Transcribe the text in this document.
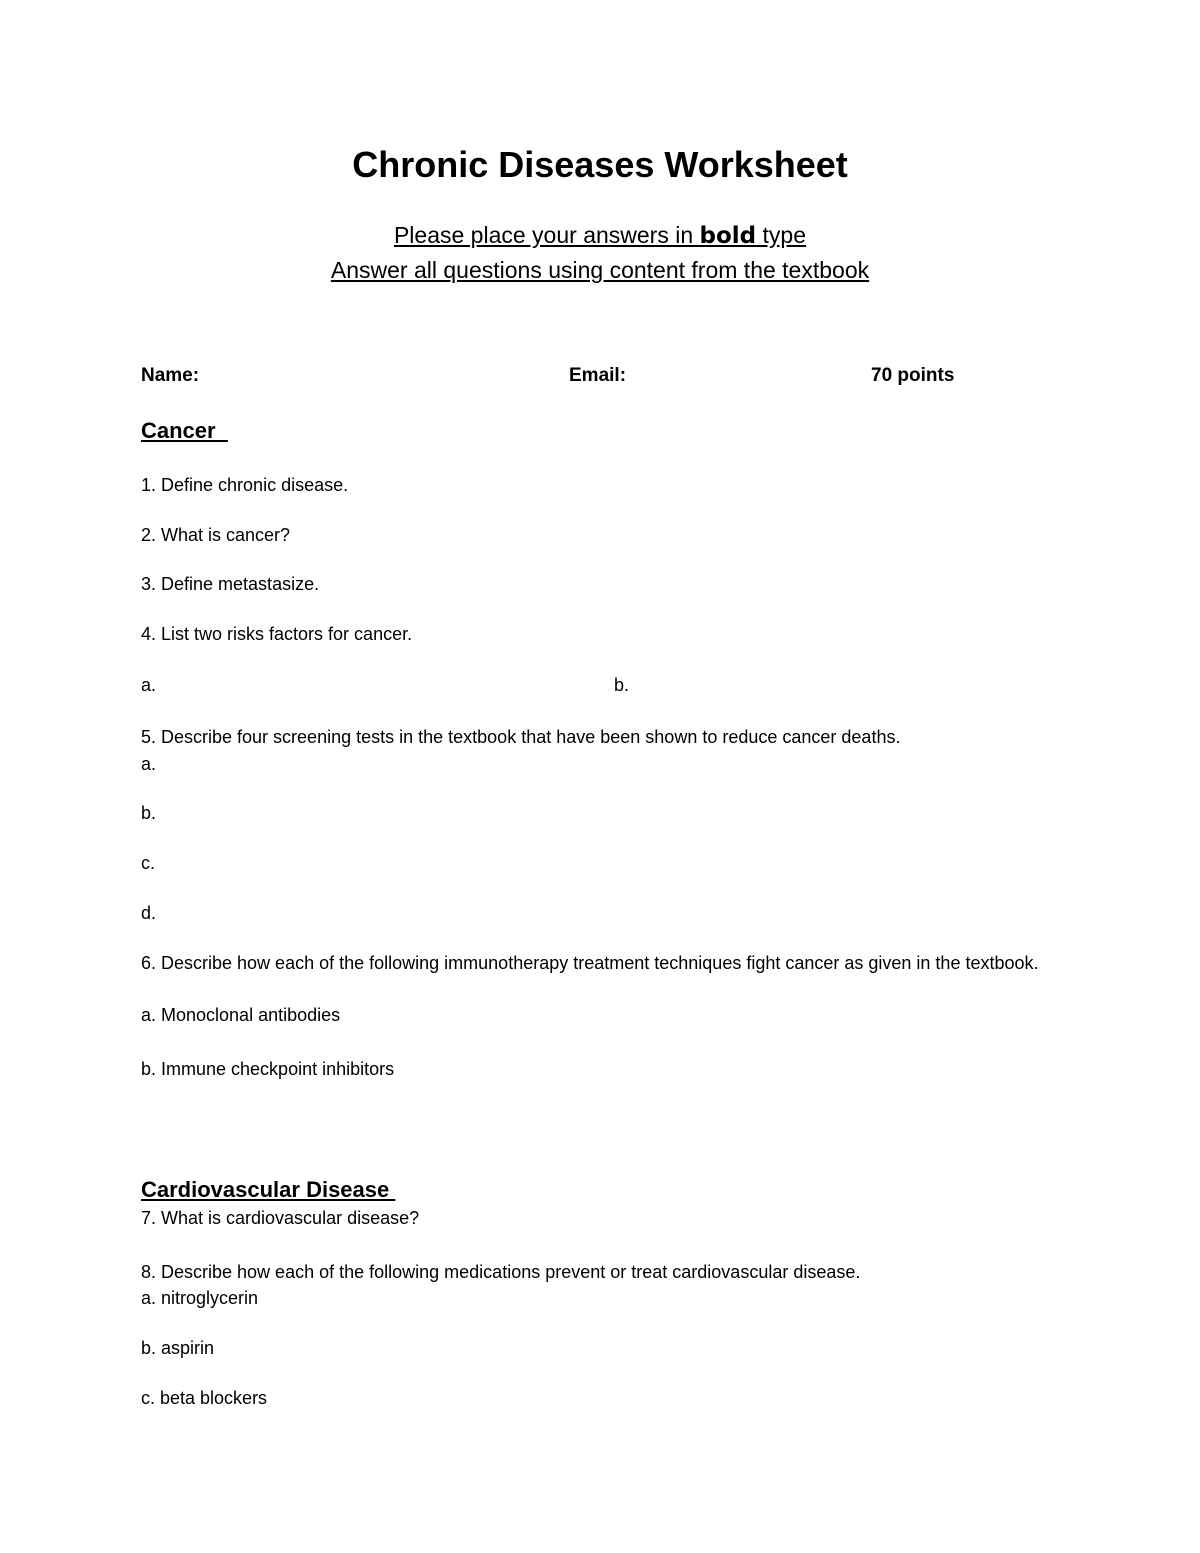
Chronic Diseases Worksheet
Please place your answers in bold type
Answer all questions using content from the textbook
Name:	Email:	70 points
Cancer
1. Define chronic disease.
2. What is cancer?
3. Define metastasize.
4. List two risks factors for cancer.
a.	b.
5. Describe four screening tests in the textbook that have been shown to reduce cancer deaths.
a.
b.
c.
d.
6. Describe how each of the following immunotherapy treatment techniques fight cancer as given in the textbook.
a. Monoclonal antibodies
b. Immune checkpoint inhibitors
Cardiovascular Disease
7. What is cardiovascular disease?
8. Describe how each of the following medications prevent or treat cardiovascular disease.
a. nitroglycerin
b. aspirin
c. beta blockers
